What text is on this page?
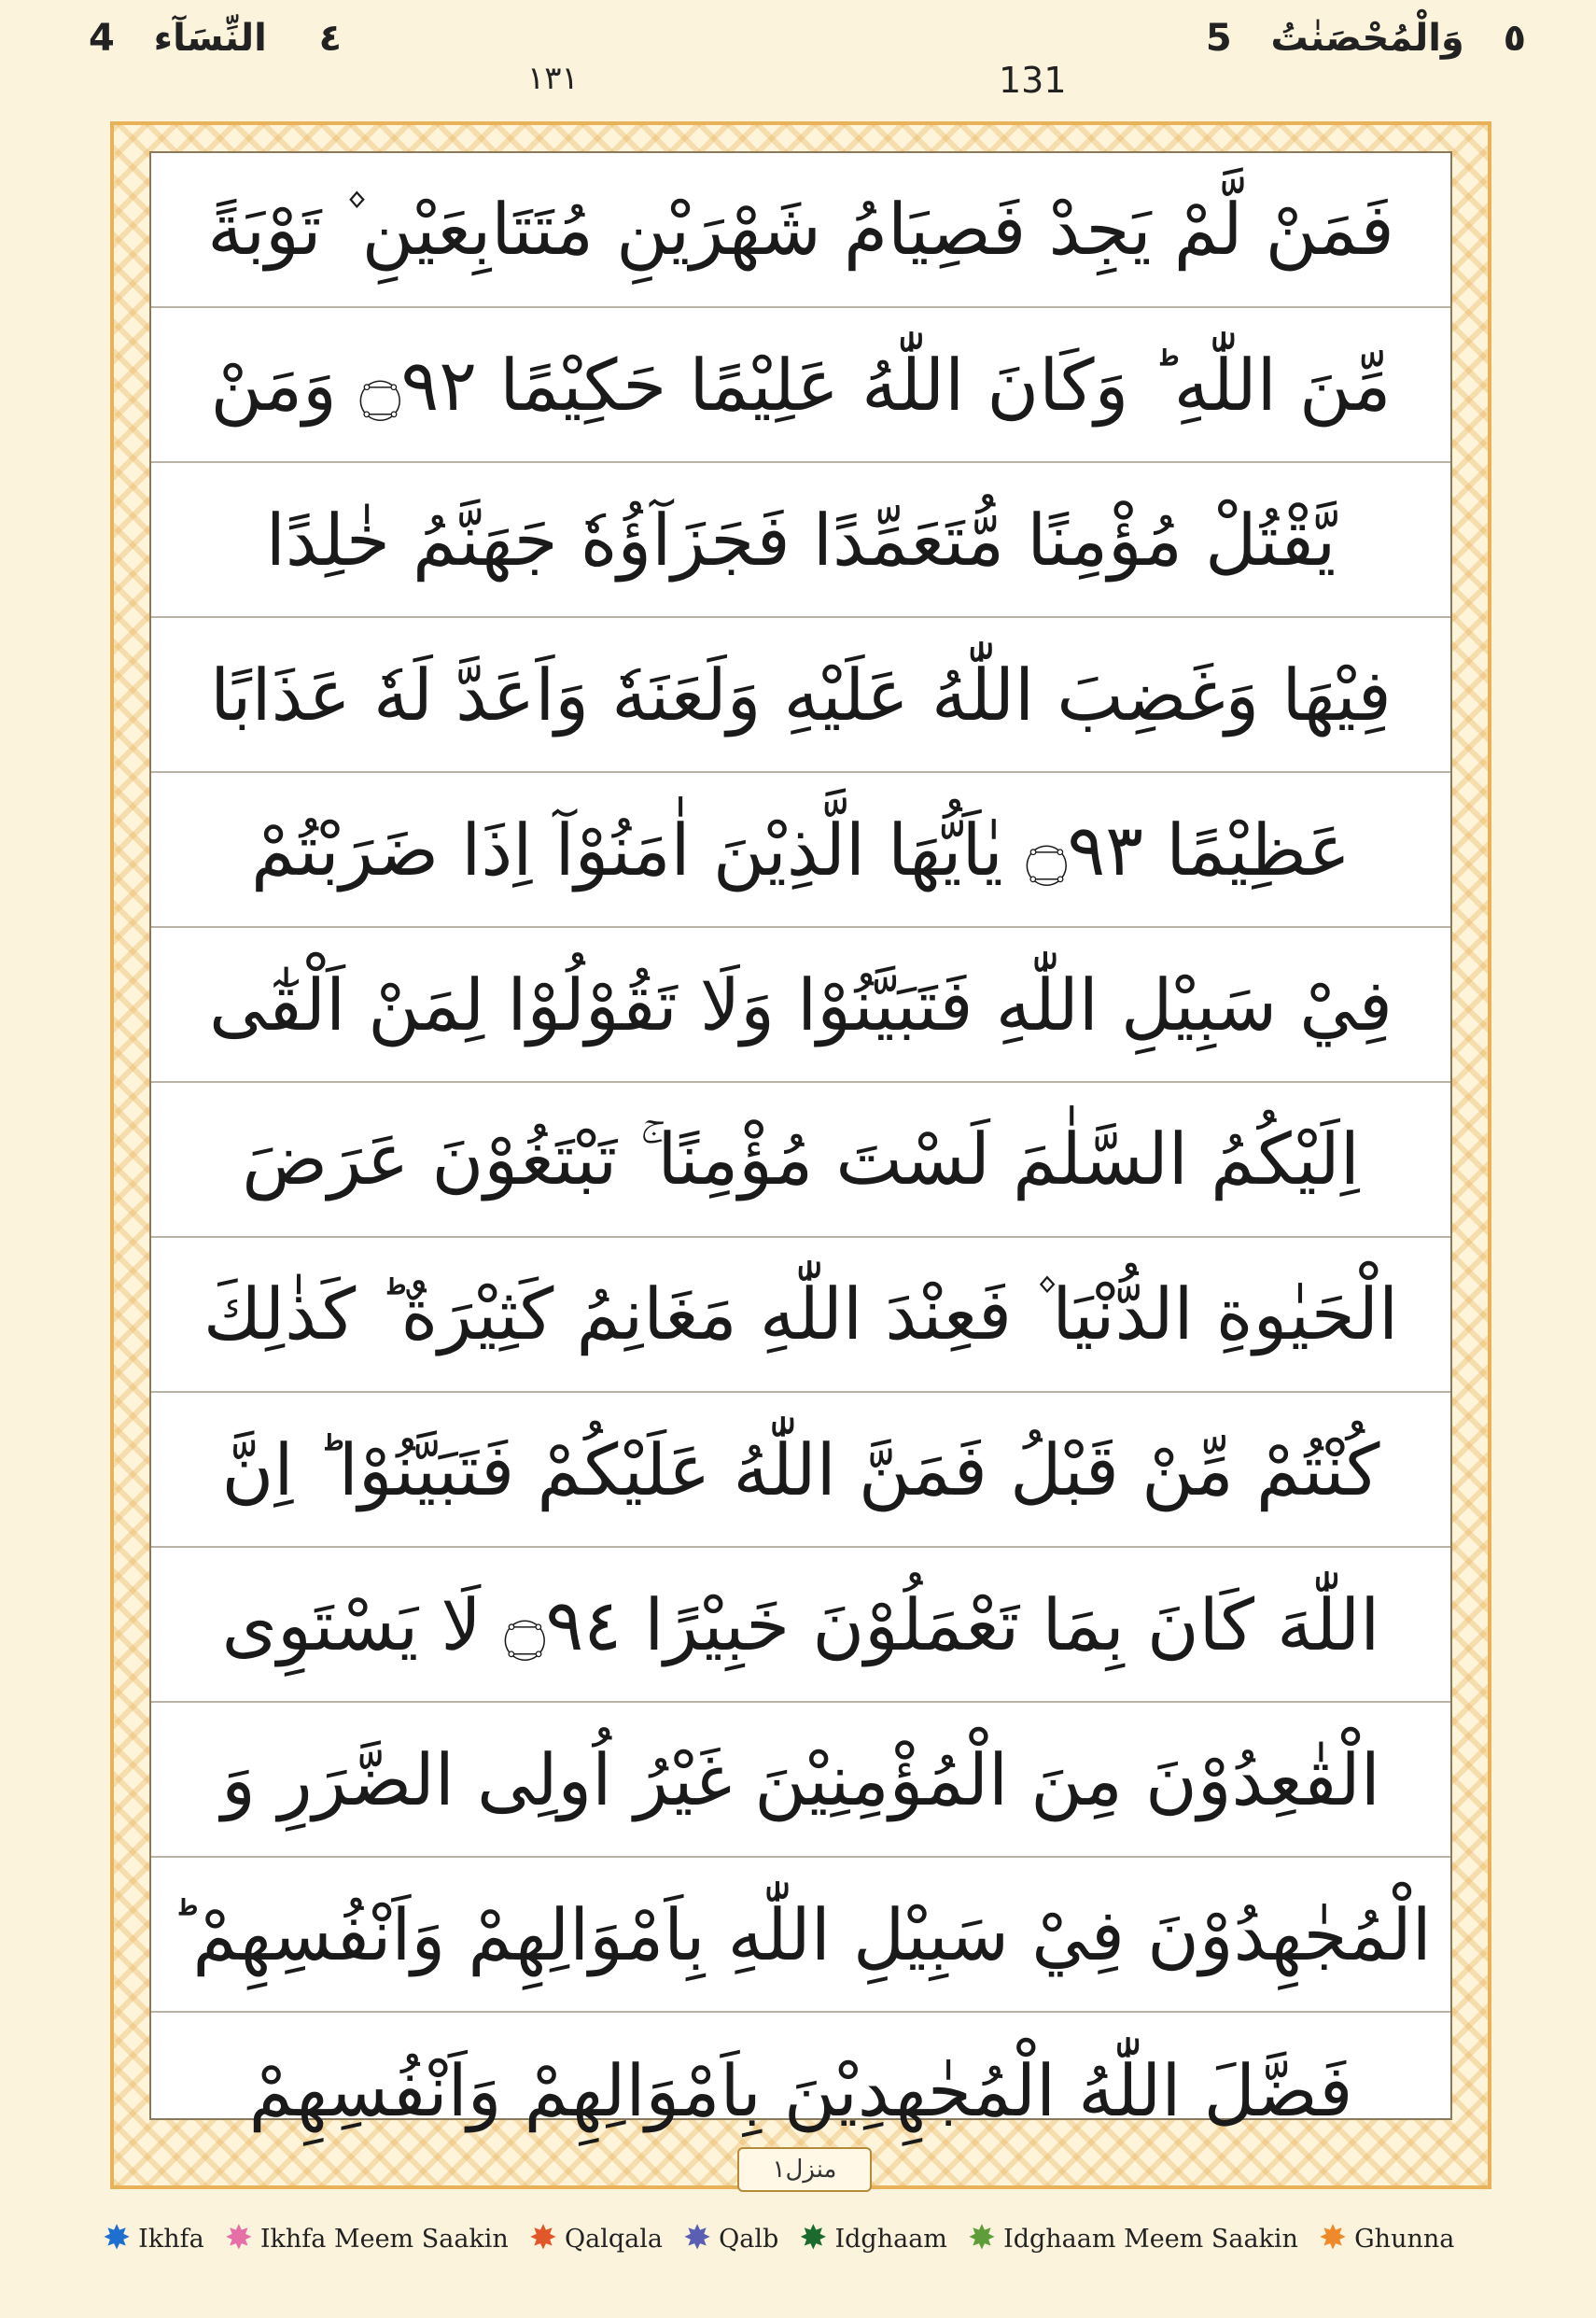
٤    النِّسَآء   4
١٣١	131
٥   وَالْمُحْصَنٰتُ   5
فَمَنْ لَّمْ يَجِدْ فَصِيَامُ شَهْرَيْنِ مُتَتَابِعَيْنِ ۫ تَوْبَةً
مِّنَ اللّٰهِ ؕ وَكَانَ اللّٰهُ عَلِيْمًا حَكِيْمًا ۝٩٢ وَمَنْ
يَّقْتُلْ مُؤْمِنًا مُّتَعَمِّدًا فَجَزَآؤُهٗ جَهَنَّمُ خٰلِدًا
فِيْهَا وَغَضِبَ اللّٰهُ عَلَيْهِ وَلَعَنَهٗ وَاَعَدَّ لَهٗ عَذَابًا
عَظِيْمًا ۝٩٣ يٰاَيُّهَا الَّذِيْنَ اٰمَنُوْآ اِذَا ضَرَبْتُمْ
فِيْ سَبِيْلِ اللّٰهِ فَتَبَيَّنُوْا وَلَا تَقُوْلُوْا لِمَنْ اَلْقٰٓى
اِلَيْكُمُ السَّلٰمَ لَسْتَ مُؤْمِنًا ۚ تَبْتَغُوْنَ عَرَضَ
الْحَيٰوةِ الدُّنْيَا ۫ فَعِنْدَ اللّٰهِ مَغَانِمُ كَثِيْرَةٌ ؕ كَذٰلِكَ
كُنْتُمْ مِّنْ قَبْلُ فَمَنَّ اللّٰهُ عَلَيْكُمْ فَتَبَيَّنُوْا ؕ اِنَّ
اللّٰهَ كَانَ بِمَا تَعْمَلُوْنَ خَبِيْرًا ۝٩٤ لَا يَسْتَوِى
الْقٰعِدُوْنَ مِنَ الْمُؤْمِنِيْنَ غَيْرُ اُولِى الضَّرَرِ وَ
الْمُجٰهِدُوْنَ فِيْ سَبِيْلِ اللّٰهِ بِاَمْوَالِهِمْ وَاَنْفُسِهِمْ ؕ
فَضَّلَ اللّٰهُ الْمُجٰهِدِيْنَ بِاَمْوَالِهِمْ وَاَنْفُسِهِمْ
منزل۱
✸ Ikhfa ✸ Ikhfa Meem Saakin ✸ Qalqala ✸ Qalb ✸ Idghaam ✸ Idghaam Meem Saakin ✸ Ghunna
